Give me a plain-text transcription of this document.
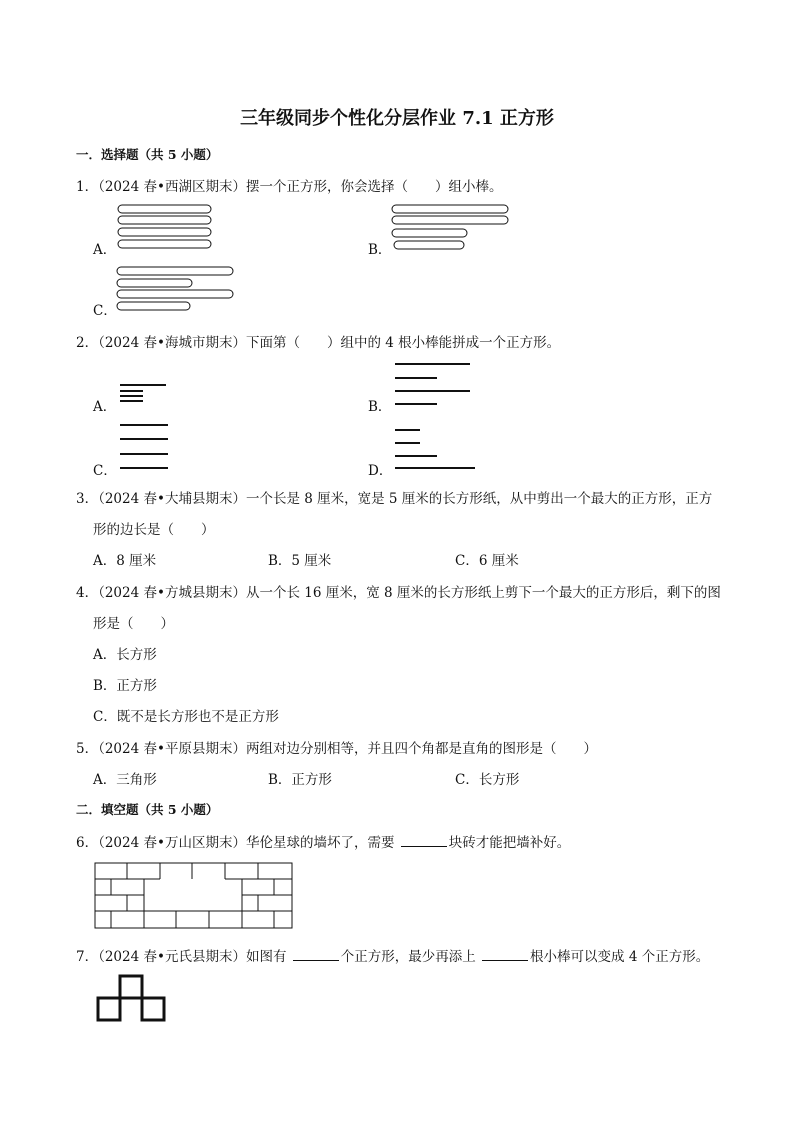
三年级同步个性化分层作业 7.1 正方形
一．选择题（共 5 小题）
1．（2024 春•西湖区期末）摆一个正方形，你会选择（　　）组小棒。
A．	B．
C．
2．（2024 春•海城市期末）下面第（　　）组中的 4 根小棒能拼成一个正方形。
A．	B．
C．	D．
3．（2024 春•大埔县期末）一个长是 8 厘米，宽是 5 厘米的长方形纸，从中剪出一个最大的正方形，正方
形的边长是（　　）
A．8 厘米	B．5 厘米	C．6 厘米
4．（2024 春•方城县期末）从一个长 16 厘米，宽 8 厘米的长方形纸上剪下一个最大的正方形后，剩下的图
形是（　　）
A．长方形
B．正方形
C．既不是长方形也不是正方形
5．（2024 春•平原县期末）两组对边分别相等，并且四个角都是直角的图形是（　　）
A．三角形	B．正方形	C．长方形
二．填空题（共 5 小题）
6．（2024 春•万山区期末）华伦星球的墙坏了，需要	块砖才能把墙补好。
7．（2024 春•元氏县期末）如图有	个正方形，最少再添上	根小棒可以变成 4 个正方形。
